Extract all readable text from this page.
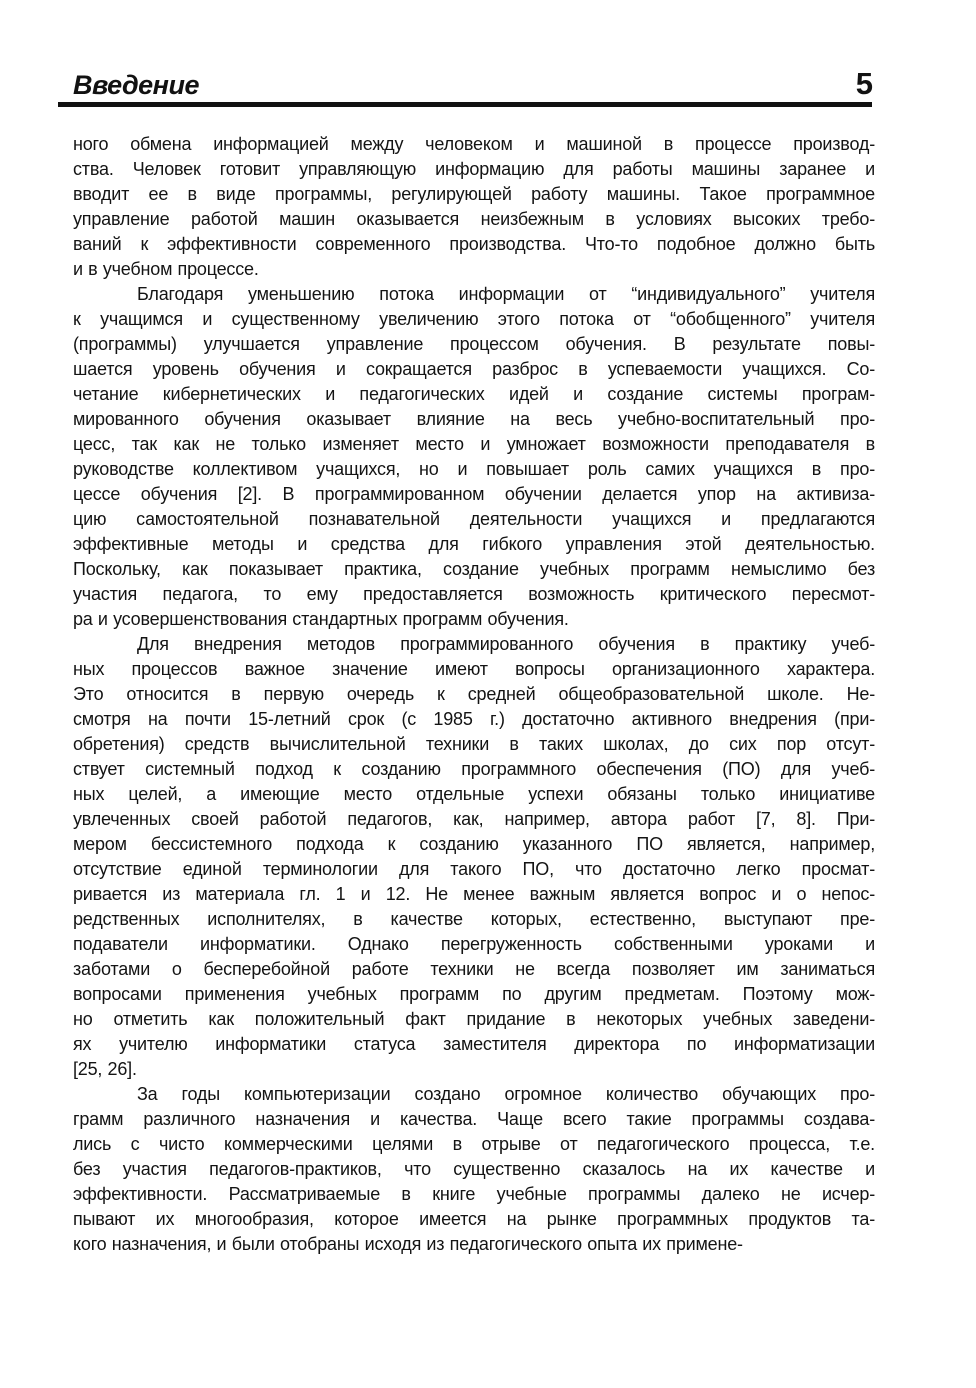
Введение	5
ного обмена информацией между человеком и машиной в процессе производ-
ства. Человек готовит управляющую информацию для работы машины заранее и
вводит ее в виде программы, регулирующей работу машины. Такое программное
управление работой машин оказывается неизбежным в условиях высоких требо-
ваний к эффективности современного производства. Что-то подобное должно быть
и в учебном процессе.
Благодаря уменьшению потока информации от “индивидуального” учителя
к учащимся и существенному увеличению этого потока от “обобщенного” учителя
(программы) улучшается управление процессом обучения. В результате повы-
шается уровень обучения и сокращается разброс в успеваемости учащихся. Со-
четание кибернетических и педагогических идей и создание системы програм-
мированного обучения оказывает влияние на весь учебно-воспитательный про-
цесс, так как не только изменяет место и умножает возможности преподавателя в
руководстве коллективом учащихся, но и повышает роль самих учащихся в про-
цессе обучения [2]. В программированном обучении делается упор на активиза-
цию самостоятельной познавательной деятельности учащихся и предлагаются
эффективные методы и средства для гибкого управления этой деятельностью.
Поскольку, как показывает практика, создание учебных программ немыслимо без
участия педагога, то ему предоставляется возможность критического пересмот-
ра и усовершенствования стандартных программ обучения.
Для внедрения методов программированного обучения в практику учеб-
ных процессов важное значение имеют вопросы организационного характера.
Это относится в первую очередь к средней общеобразовательной школе. Не-
смотря на почти 15-летний срок (с 1985 г.) достаточно активного внедрения (при-
обретения) средств вычислительной техники в таких школах, до сих пор отсут-
ствует системный подход к созданию программного обеспечения (ПО) для учеб-
ных целей, а имеющие место отдельные успехи обязаны только инициативе
увлеченных своей работой педагогов, как, например, автора работ [7, 8]. При-
мером бессистемного подхода к созданию указанного ПО является, например,
отсутствие единой терминологии для такого ПО, что достаточно легко просмат-
ривается из материала гл. 1 и 12. Не менее важным является вопрос и о непос-
редственных исполнителях, в качестве которых, естественно, выступают пре-
подаватели информатики. Однако перегруженность собственными уроками и
заботами о бесперебойной работе техники не всегда позволяет им заниматься
вопросами применения учебных программ по другим предметам. Поэтому мож-
но отметить как положительный факт придание в некоторых учебных заведени-
ях учителю информатики статуса заместителя директора по информатизации
[25, 26].
За годы компьютеризации создано огромное количество обучающих про-
грамм различного назначения и качества. Чаще всего такие программы создава-
лись с чисто коммерческими целями в отрыве от педагогического процесса, т.е.
без участия педагогов-практиков, что существенно сказалось на их качестве и
эффективности. Рассматриваемые в книге учебные программы далеко не исчер-
пывают их многообразия, которое имеется на рынке программных продуктов та-
кого назначения, и были отобраны исходя из педагогического опыта их примене-
